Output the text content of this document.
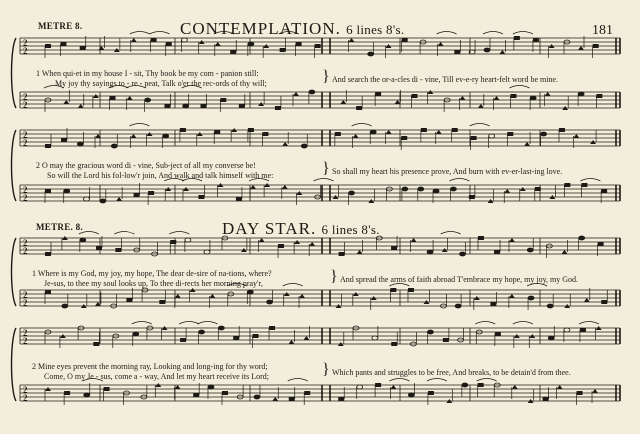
2
2
2
2
2
2
2
2
2
2
2
2
2
2
2
2
METRE 8.	CONTEMPLATION. 6 lines 8's.	181
1 When qui-et in my house I - sit, Thy book be my com - panion still:
My joy thy sayings to - re - peat, Talk o'er the rec-ords of thy will;	} And search the or-a-cles di - vine, Till ev-e-ry heart-felt word be mine.
2 O may the gracious word di - vine, Sub-ject of all my converse be!
So will the Lord his fol-low'r join, And walk and talk himself with me:	} So shall my heart his presence prove, And burn with ev-er-last-ing love.
METRE. 8.	DAY STAR. 6 lines 8's.
1 Where is my God, my joy, my hope, The dear de-sire of na-tions, where?
Je-sus, to thee my soul looks up, To thee di-rects her morning pray'r,	} And spread the arms of faith abroad T'embrace my hope, my joy, my God.
2 Mine eyes prevent the morning ray, Looking and long-ing for thy word;
Come, O my Je - sus, come a - way, And let my heart receive its Lord;	} Which pants and struggles to be free, And breaks, to be detain'd from thee.
